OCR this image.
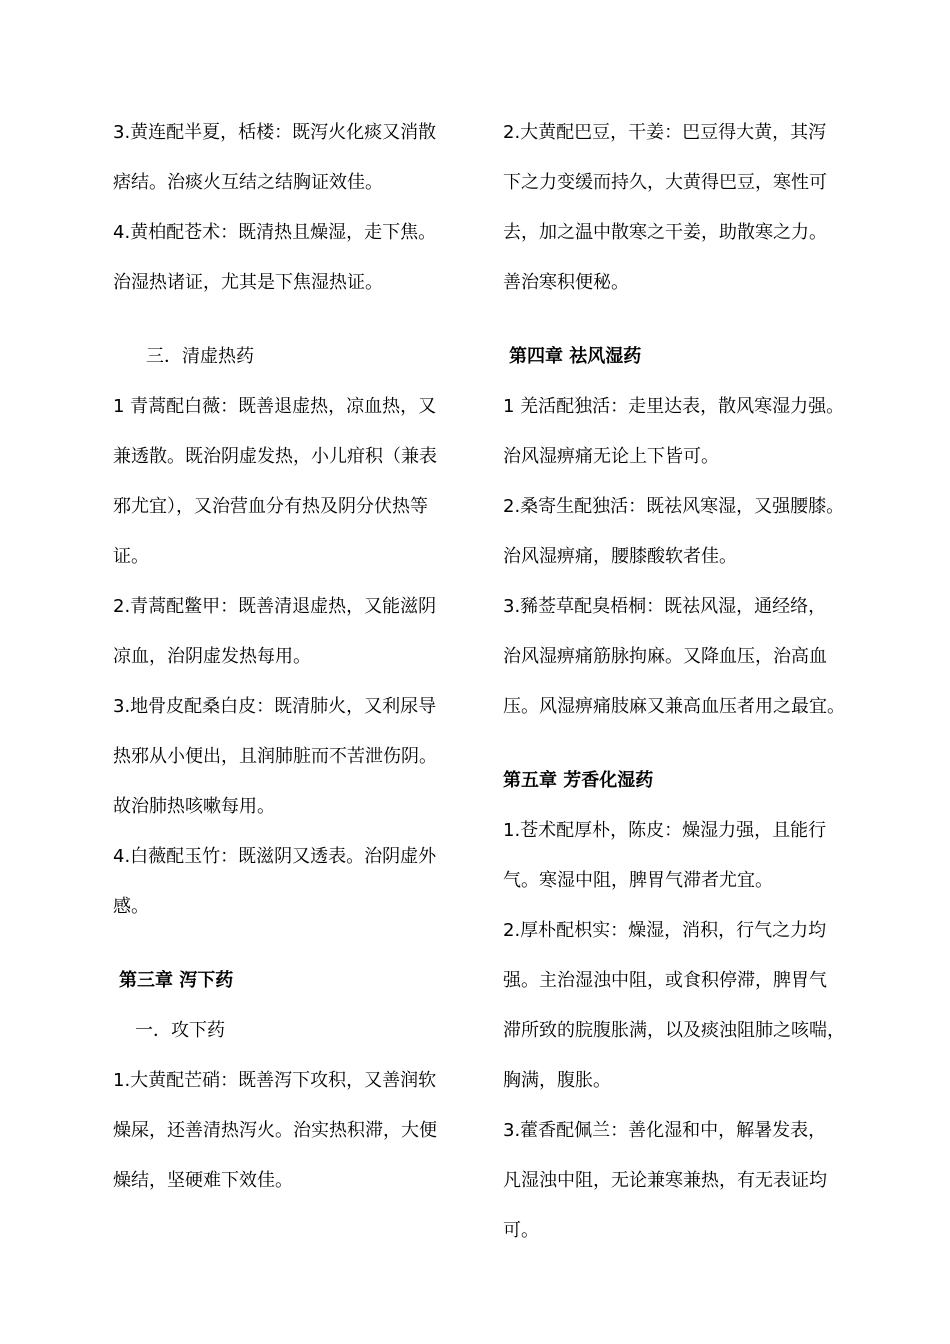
3.黄连配半夏，栝楼：既泻火化痰又消散
痞结。治痰火互结之结胸证效佳。
4.黄柏配苍术：既清热且燥湿，走下焦。
治湿热诸证，尤其是下焦湿热证。
三．清虚热药
1 青蒿配白薇：既善退虚热，凉血热，又
兼透散。既治阴虚发热，小儿疳积（兼表
邪尤宜），又治营血分有热及阴分伏热等
证。
2.青蒿配鳖甲：既善清退虚热，又能滋阴
凉血，治阴虚发热每用。
3.地骨皮配桑白皮：既清肺火，又利尿导
热邪从小便出，且润肺脏而不苦泄伤阴。
故治肺热咳嗽每用。
4.白薇配玉竹：既滋阴又透表。治阴虚外
感。
第三章 泻下药
一．攻下药
1.大黄配芒硝：既善泻下攻积，又善润软
燥屎，还善清热泻火。治实热积滞，大便
燥结，坚硬难下效佳。
2.大黄配巴豆，干姜：巴豆得大黄，其泻
下之力变缓而持久，大黄得巴豆，寒性可
去，加之温中散寒之干姜，助散寒之力。
善治寒积便秘。
第四章 祛风湿药
1 羌活配独活：走里达表，散风寒湿力强。
治风湿痹痛无论上下皆可。
2.桑寄生配独活：既祛风寒湿，又强腰膝。
治风湿痹痛，腰膝酸软者佳。
3.豨莶草配臭梧桐：既祛风湿，通经络，
治风湿痹痛筋脉拘麻。又降血压，治高血
压。风湿痹痛肢麻又兼高血压者用之最宜。
第五章 芳香化湿药
1.苍术配厚朴，陈皮：燥湿力强，且能行
气。寒湿中阻，脾胃气滞者尤宜。
2.厚朴配枳实：燥湿，消积，行气之力均
强。主治湿浊中阻，或食积停滞，脾胃气
滞所致的脘腹胀满，以及痰浊阻肺之咳喘，
胸满，腹胀。
3.藿香配佩兰：善化湿和中，解暑发表，
凡湿浊中阻，无论兼寒兼热，有无表证均
可。
